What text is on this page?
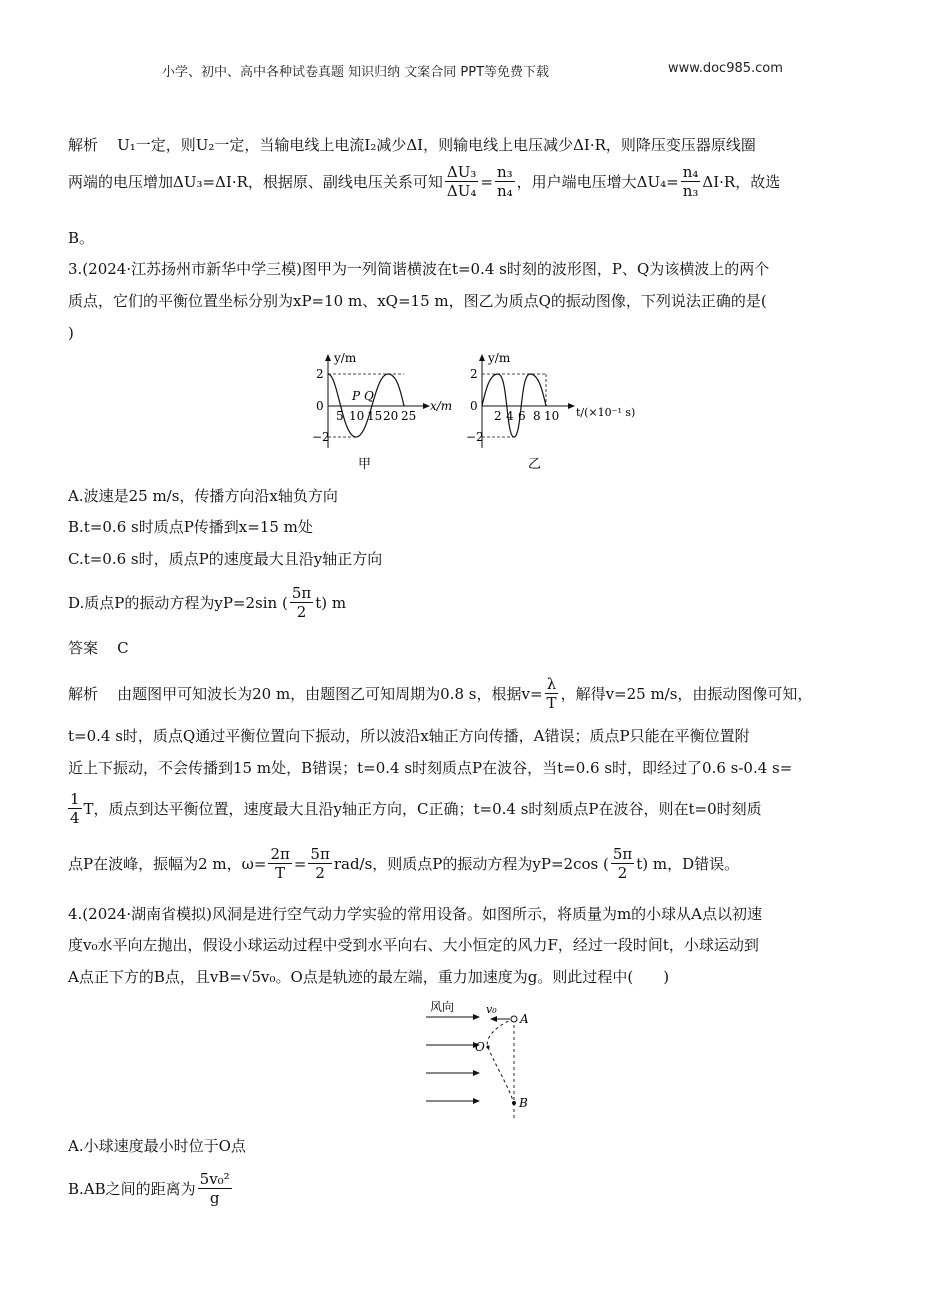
小学、初中、高中各种试卷真题 知识归纳 文案合同 PPT等免费下载	www.doc985.com
解析 U₁一定，则U₂一定，当输电线上电流I₂减少ΔI，则输电线上电压减少ΔI·R，则降压变压器原线圈
两端的电压增加ΔU₃=ΔI·R，根据原、副线电压关系可知 $\frac{\text{ΔU₃}}{\text{ΔU₄}} = \frac{\text{n₃}}{\text{n₄}}$ ，用户端电压增大$\Delta U_4= \frac{\text{n₄}}{\text{n₃}} \Delta I\cdot R$，故选
B。
3.(2024·江苏扬州市新华中学三模)图甲为一列简谐横波在t=0.4 s时刻的波形图，P、Q为该横波上的两个
质点，它们的平衡位置坐标分别为xP=10 m、xQ=15 m，图乙为质点Q的振动图像，下列说法正确的是(
)
y/m
2
0
−2
5 10 15 20 25
x/m
P Q
甲
y/m
2
0
−2
2 4 6 8 10 t/(×10⁻¹ s)
乙
A.波速是25 m/s，传播方向沿x轴负方向
B.t=0.6 s时质点P传播到x=15 m处
C.t=0.6 s时，质点P的速度最大且沿y轴正方向
D.质点P的振动方程为yP=2sin ( $\frac{5\pi}{2} t$) m
答案 C
解析
由题图甲可知波长为20 m，由题图乙可知周期为0.8 s，根据$v= \frac{\lambda}{T}$ ，解得v=25 m/s，由振动图像可知，
t=0.4 s时，质点Q通过平衡位置向下振动，所以波沿x轴正方向传播，A错误；质点P只能在平衡位置附
近上下振动，不会传播到15 m处，B错误；t=0.4 s时刻质点P在波谷，当t=0.6 s时，即经过了0.6 s-0.4 s=
$\frac{1}{4}$ T，质点到达平衡位置，速度最大且沿y轴正方向，C正确；t=0.4 s时刻质点P在波谷，则在t=0时刻质
点P在波峰，振幅为2 m，$\omega= \frac{2\pi}{T} = \frac{5\pi}{2} rad/s$，则质点P的振动方程为yP=2cos ( $\frac{5\pi}{2} t$) m，D错误。
4.(2024·湖南省模拟)风洞是进行空气动力学实验的常用设备。如图所示，将质量为m的小球从A点以初速
度v₀水平向左抛出，假设小球运动过程中受到水平向右、大小恒定的风力F，经过一段时间t，小球运动到
A点正下方的B点，且vB=√5v₀。O点是轨迹的最左端，重力加速度为g。则此过程中(　　)
风向	v₀
A
O
B
A.小球速度最小时位于O点
B.AB之间的距离为 $\frac{\text{5v₀²}}{g}$
